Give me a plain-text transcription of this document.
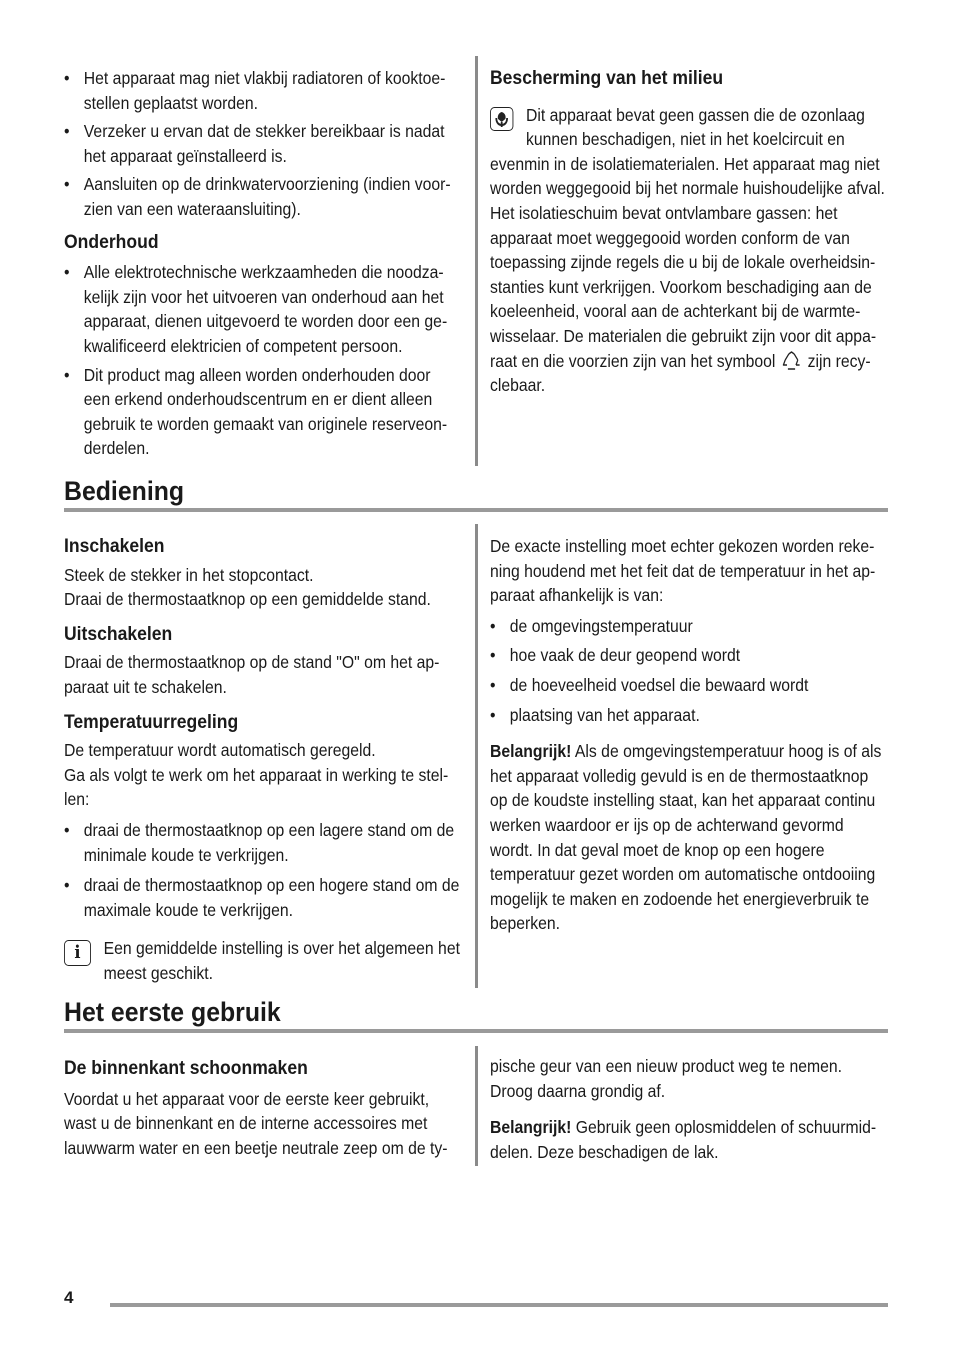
• Het apparaat mag niet vlakbij radiatoren of kooktoe-stellen geplaatst worden.
• Verzeker u ervan dat de stekker bereikbaar is nadat het apparaat geïnstalleerd is.
• Aansluiten op de drinkwatervoorziening (indien voor-zien van een wateraansluiting).
Onderhoud
• Alle elektrotechnische werkzaamheden die noodza-kelijk zijn voor het uitvoeren van onderhoud aan het apparaat, dienen uitgevoerd te worden door een ge-kwalificeerd elektricien of competent persoon.
• Dit product mag alleen worden onderhouden door een erkend onderhoudscentrum en er dient alleen gebruik te worden gemaakt van originele reserveon-derdelen.
Bescherming van het milieu

Dit apparaat bevat geen gassen die de ozonlaag kunnen beschadigen, niet in het koelcircuit en evenmin in de isolatiematerialen. Het apparaat mag niet worden weggegooid bij het normale huishoudelijke afval. Het isolatieschuim bevat ontvlambare gassen: het apparaat moet weggegooid worden conform de van toepassing zijnde regels die u bij de lokale overheidsin-stanties kunt verkrijgen. Voorkom beschadiging aan de koeleenheid, vooral aan de achterkant bij de warmte-wisselaar. De materialen die gebruikt zijn voor dit appa-raat en die voorzien zijn van het symbool zijn recy-clebaar.

Bediening
Inschakelen
Steek de stekker in het stopcontact.
Draai de thermostaatknop op een gemiddelde stand.
Uitschakelen

Draai de thermostaatknop op de stand "O" om het ap-paraat uit te schakelen.

Temperatuurregeling
De temperatuur wordt automatisch geregeld.
Ga als volgt te werk om het apparaat in werking te stel-len:
• draai de thermostaatknop op een lagere stand om de minimale koude te verkrijgen.
• draai de thermostaatknop op een hogere stand om de maximale koude te verkrijgen.
i	Een gemiddelde instelling is over het algemeen het meest geschikt.

De exacte instelling moet echter gekozen worden reke-ning houdend met het feit dat de temperatuur in het ap-paraat afhankelijk is van:

• de omgevingstemperatuur
• hoe vaak de deur geopend wordt
• de hoeveelheid voedsel die bewaard wordt
• plaatsing van het apparaat.

Belangrijk! Als de omgevingstemperatuur hoog is of als het apparaat volledig gevuld is en de thermostaatknop op de koudste instelling staat, kan het apparaat continu werken waardoor er ijs op de achterwand gevormd wordt. In dat geval moet de knop op een hogere temperatuur gezet worden om automatische ontdooiing mogelijk te maken en zodoende het energieverbruik te beperken.

Het eerste gebruik
De binnenkant schoonmaken

Voordat u het apparaat voor de eerste keer gebruikt, wast u de binnenkant en de interne accessoires met lauwwarm water en een beetje neutrale zeep om de ty-

pische geur van een nieuw product weg te nemen. Droog daarna grondig af.

Belangrijk! Gebruik geen oplosmiddelen of schuurmid-delen. Deze beschadigen de lak.

4
